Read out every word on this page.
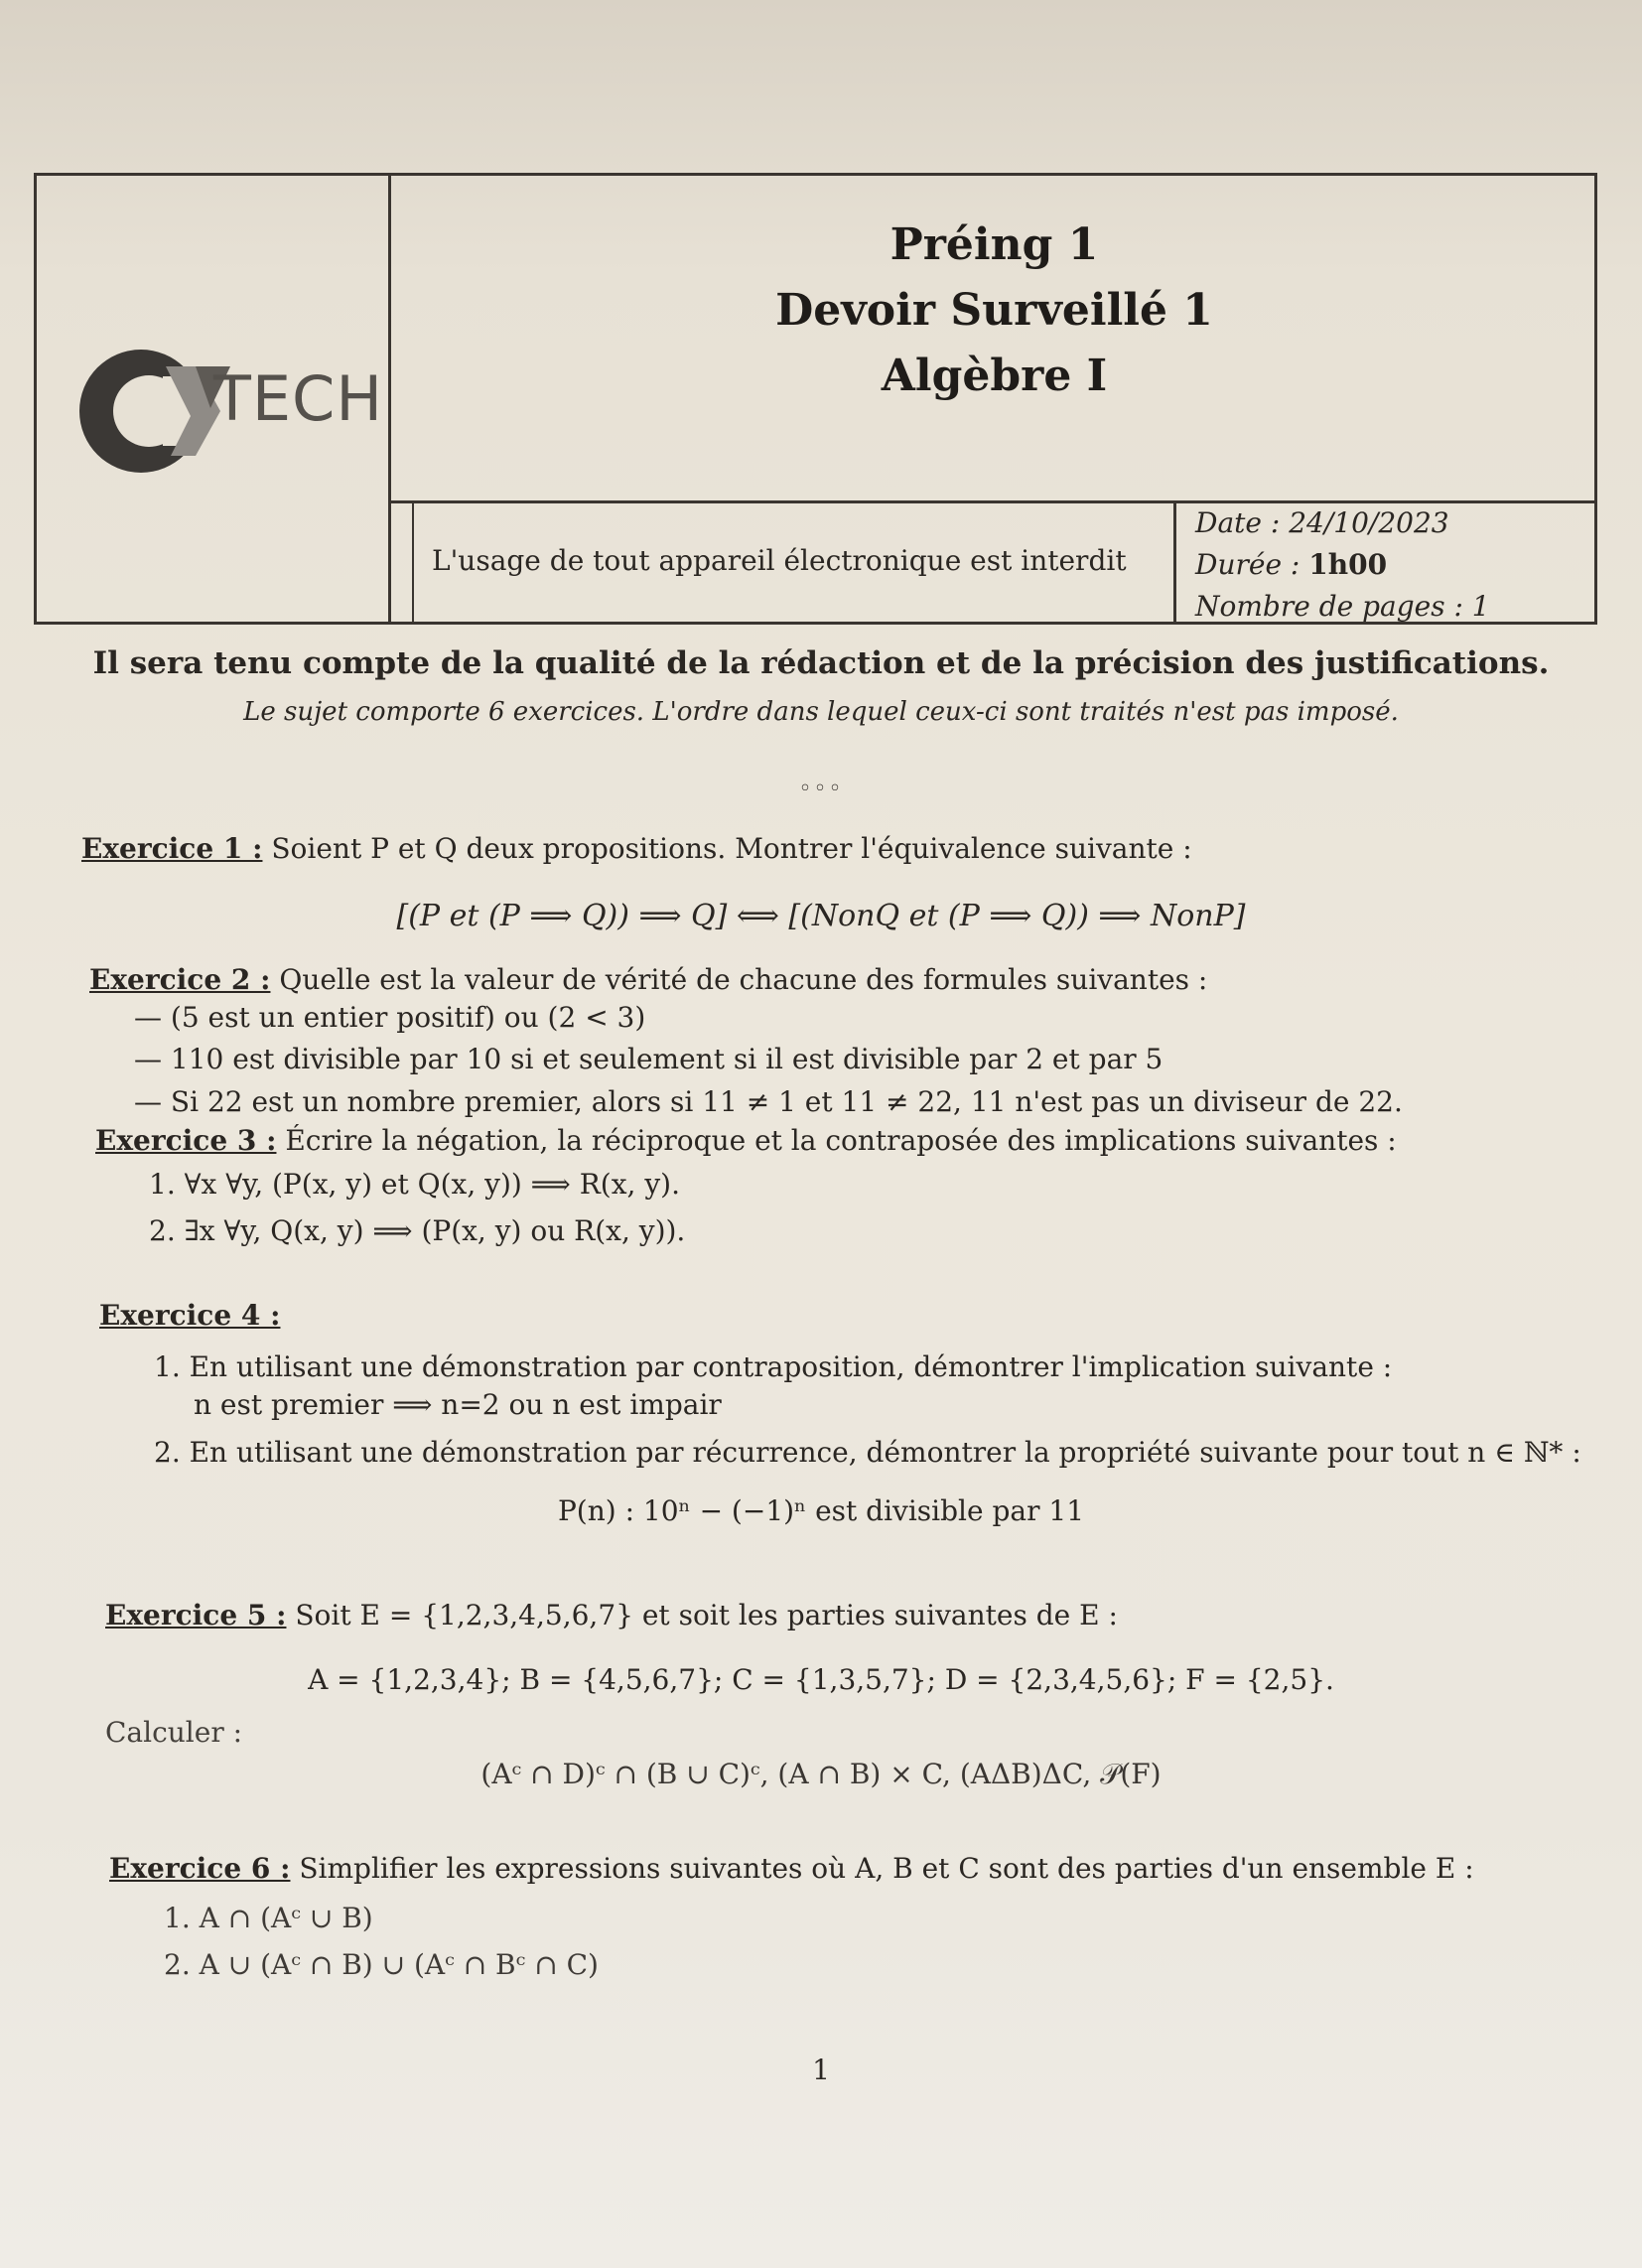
TECH
Préing 1
Devoir Surveillé 1
Algèbre I
L'usage de tout appareil électronique est interdit
Date : 24/10/2023
Durée : 1h00
Nombre de pages : 1
Il sera tenu compte de la qualité de la rédaction et de la précision des justifications.
Le sujet comporte 6 exercices. L'ordre dans lequel ceux-ci sont traités n'est pas imposé.
◦◦◦
Exercice 1 : Soient P et Q deux propositions. Montrer l'équivalence suivante :
[(P et (P ⟹ Q)) ⟹ Q] ⟺ [(NonQ et (P ⟹ Q)) ⟹ NonP]
Exercice 2 : Quelle est la valeur de vérité de chacune des formules suivantes :
— (5 est un entier positif) ou (2 < 3)
— 110 est divisible par 10 si et seulement si il est divisible par 2 et par 5
— Si 22 est un nombre premier, alors si 11 ≠ 1 et 11 ≠ 22, 11 n'est pas un diviseur de 22.
Exercice 3 : Écrire la négation, la réciproque et la contraposée des implications suivantes :
1. ∀x ∀y, (P(x, y) et Q(x, y)) ⟹ R(x, y).
2. ∃x ∀y, Q(x, y) ⟹ (P(x, y) ou R(x, y)).
Exercice 4 :
1. En utilisant une démonstration par contraposition, démontrer l'implication suivante :
n est premier ⟹ n=2 ou n est impair
2. En utilisant une démonstration par récurrence, démontrer la propriété suivante pour tout n ∈ ℕ* :
P(n) : 10ⁿ − (−1)ⁿ est divisible par 11
Exercice 5 : Soit E = {1,2,3,4,5,6,7} et soit les parties suivantes de E :
A = {1,2,3,4}; B = {4,5,6,7}; C = {1,3,5,7}; D = {2,3,4,5,6}; F = {2,5}.
Calculer :
(Aᶜ ∩ D)ᶜ ∩ (B ∪ C)ᶜ, (A ∩ B) × C, (AΔB)ΔC, 𝒫(F)
Exercice 6 : Simplifier les expressions suivantes où A, B et C sont des parties d'un ensemble E :
1. A ∩ (Aᶜ ∪ B)
2. A ∪ (Aᶜ ∩ B) ∪ (Aᶜ ∩ Bᶜ ∩ C)
1
